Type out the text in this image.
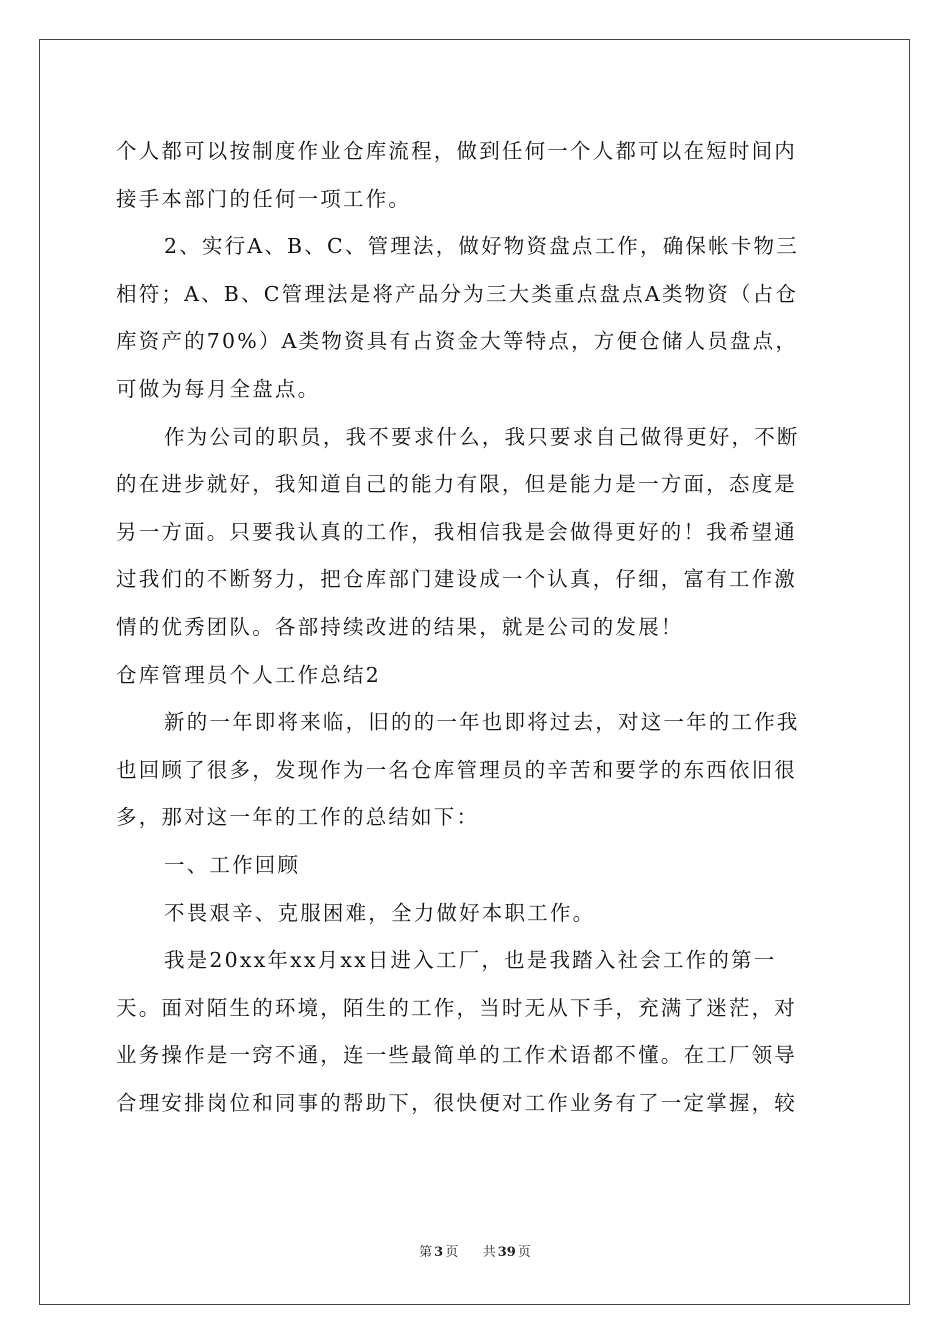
个人都可以按制度作业仓库流程，做到任何一个人都可以在短时间内
接手本部门的任何一项工作。
2、实行A、B、C、管理法，做好物资盘点工作，确保帐卡物三
相符；A、B、C管理法是将产品分为三大类重点盘点A类物资（占仓
库资产的70%）A类物资具有占资金大等特点，方便仓储人员盘点，
可做为每月全盘点。
作为公司的职员，我不要求什么，我只要求自己做得更好，不断
的在进步就好，我知道自己的能力有限，但是能力是一方面，态度是
另一方面。只要我认真的工作，我相信我是会做得更好的！我希望通
过我们的不断努力，把仓库部门建设成一个认真，仔细，富有工作激
情的优秀团队。各部持续改进的结果，就是公司的发展！
仓库管理员个人工作总结2
新的一年即将来临，旧的的一年也即将过去，对这一年的工作我
也回顾了很多，发现作为一名仓库管理员的辛苦和要学的东西依旧很
多，那对这一年的工作的总结如下：
一、工作回顾
不畏艰辛、克服困难，全力做好本职工作。
我是20xx年xx月xx日进入工厂，也是我踏入社会工作的第一
天。面对陌生的环境，陌生的工作，当时无从下手，充满了迷茫，对
业务操作是一窍不通，连一些最简单的工作术语都不懂。在工厂领导
合理安排岗位和同事的帮助下，很快便对工作业务有了一定掌握，较
第 3 页 共 39 页
